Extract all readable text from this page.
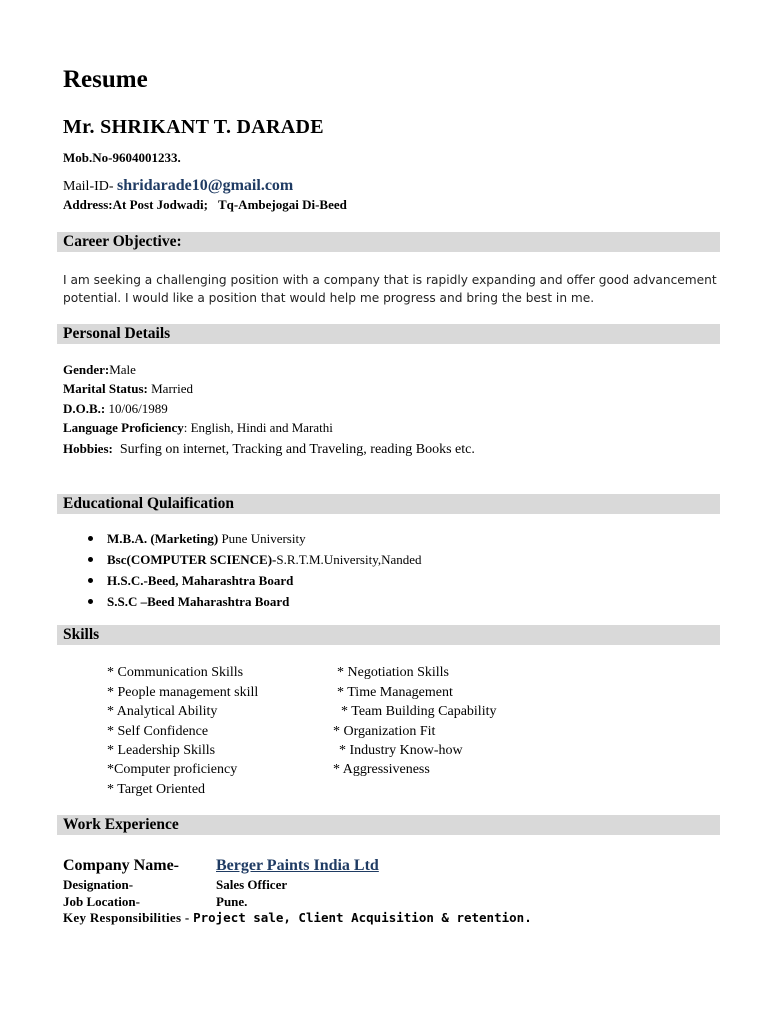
Resume
Mr. SHRIKANT T. DARADE
Mob.No-9604001233.
Mail-ID- shridarade10@gmail.com
Address:At Post Jodwadi; Tq-Ambejogai Di-Beed
Career Objective:
I am seeking a challenging position with a company that is rapidly expanding and offer good advancement potential. I would like a position that would help me progress and bring the best in me.
Personal Details
Gender:Male
Marital Status: Married
D.O.B.: 10/06/1989
Language Proficiency: English, Hindi and Marathi
Hobbies: Surfing on internet, Tracking and Traveling, reading Books etc.
Educational Qulaification
M.B.A. (Marketing) Pune University
Bsc(COMPUTER SCIENCE)-S.R.T.M.University,Nanded
H.S.C.-Beed, Maharashtra Board
S.S.C –Beed Maharashtra Board
Skills
* Communication Skills
* People management skill
* Analytical Ability
* Self Confidence
* Leadership Skills
*Computer proficiency
* Target Oriented
* Negotiation Skills
* Time Management
* Team Building Capability
* Organization Fit
* Industry Know-how
* Aggressiveness
Work Experience
Company Name- Berger Paints India Ltd
Designation-	Sales Officer
Job Location-	Pune.
Key Responsibilities - Project sale, Client Acquisition & retention.
